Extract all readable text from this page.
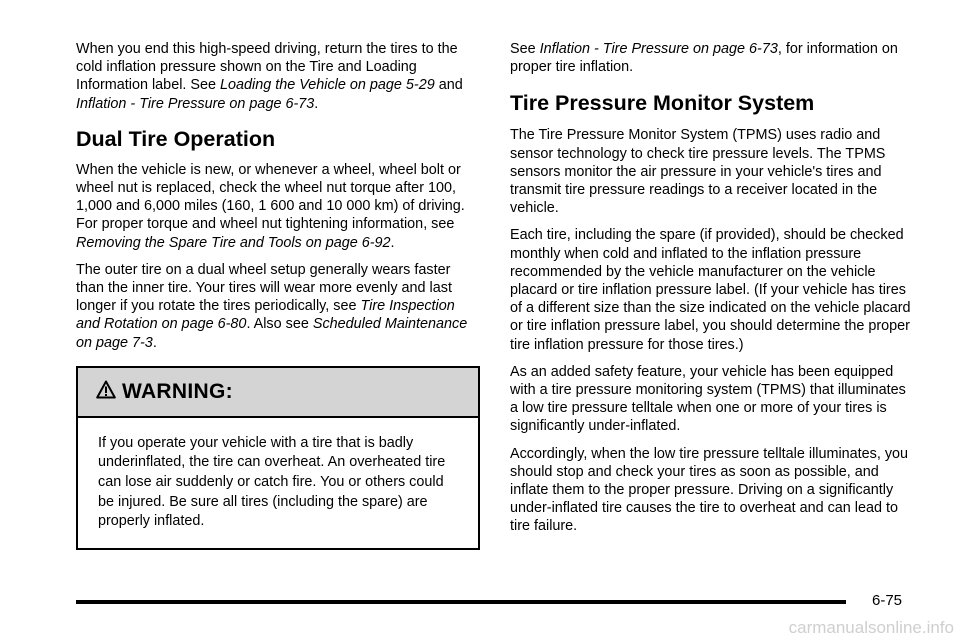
When you end this high-speed driving, return the tires to the cold inflation pressure shown on the Tire and Loading Information label. See Loading the Vehicle on page 5-29 and Inflation - Tire Pressure on page 6-73.

Dual Tire Operation

When the vehicle is new, or whenever a wheel, wheel bolt or wheel nut is replaced, check the wheel nut torque after 100, 1,000 and 6,000 miles (160, 1 600 and 10 000 km) of driving. For proper torque and wheel nut tightening information, see Removing the Spare Tire and Tools on page 6-92.

The outer tire on a dual wheel setup generally wears faster than the inner tire. Your tires will wear more evenly and last longer if you rotate the tires periodically, see Tire Inspection and Rotation on page 6-80. Also see Scheduled Maintenance on page 7-3.

WARNING:

If you operate your vehicle with a tire that is badly underinflated, the tire can overheat. An overheated tire can lose air suddenly or catch fire. You or others could be injured. Be sure all tires (including the spare) are properly inflated.

See Inflation - Tire Pressure on page 6-73, for information on proper tire inflation.

Tire Pressure Monitor System

The Tire Pressure Monitor System (TPMS) uses radio and sensor technology to check tire pressure levels. The TPMS sensors monitor the air pressure in your vehicle's tires and transmit tire pressure readings to a receiver located in the vehicle.

Each tire, including the spare (if provided), should be checked monthly when cold and inflated to the inflation pressure recommended by the vehicle manufacturer on the vehicle placard or tire inflation pressure label. (If your vehicle has tires of a different size than the size indicated on the vehicle placard or tire inflation pressure label, you should determine the proper tire inflation pressure for those tires.)

As an added safety feature, your vehicle has been equipped with a tire pressure monitoring system (TPMS) that illuminates a low tire pressure telltale when one or more of your tires is significantly under-inflated.

Accordingly, when the low tire pressure telltale illuminates, you should stop and check your tires as soon as possible, and inflate them to the proper pressure. Driving on a significantly under-inflated tire causes the tire to overheat and can lead to tire failure.

6-75
carmanualsonline.info
